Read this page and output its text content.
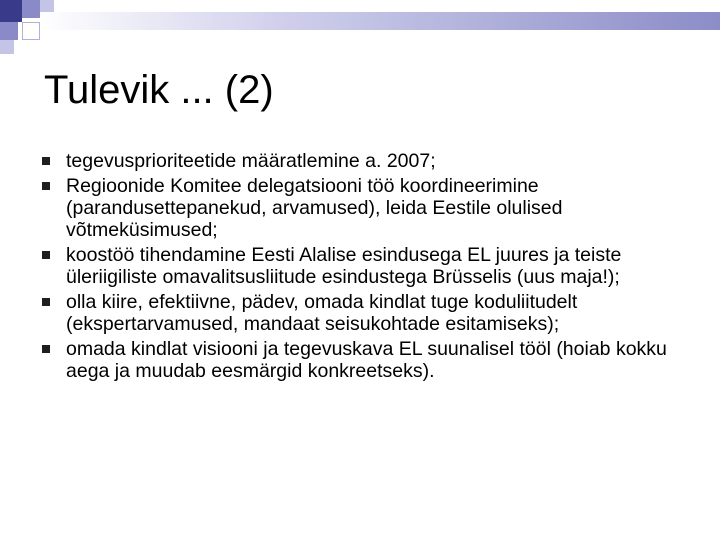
Tulevik ... (2)
tegevusprioriteetide määratlemine a. 2007;
Regioonide Komitee delegatsiooni töö koordineerimine (parandusettepanekud, arvamused), leida Eestile olulised võtmeküsimused;
koostöö tihendamine Eesti Alalise esindusega EL juures ja teiste üleriigiliste omavalitsusliitude esindustega Brüsselis (uus maja!);
olla kiire, efektiivne, pädev, omada kindlat tuge koduliitudelt (ekspertarvamused, mandaat seisukohtade esitamiseks);
omada kindlat visiooni ja tegevuskava EL suunalisel tööl (hoiab kokku aega ja muudab eesmärgid konkreetseks).
